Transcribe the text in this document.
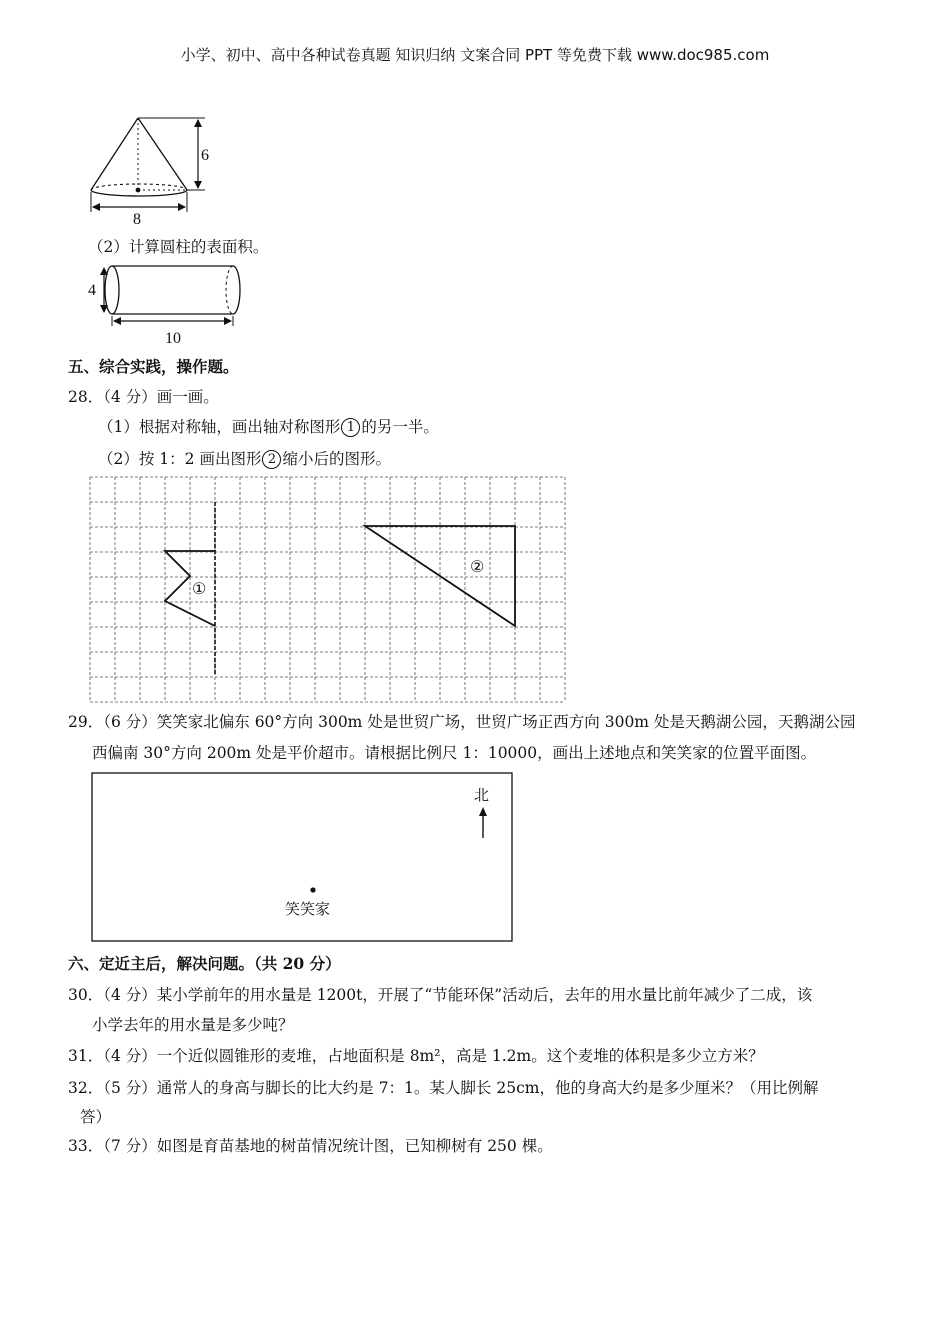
小学、初中、高中各种试卷真题 知识归纳 文案合同 PPT 等免费下载 www.doc985.com
6
8
（2）计算圆柱的表面积。
4
10
五、综合实践，操作题。
28．（4 分）画一画。
（1）根据对称轴，画出轴对称图形 1 的另一半。
（2）按 1：2 画出图形 2 缩小后的图形。
①
②
29．（6 分）笑笑家北偏东 60°方向 300m 处是世贸广场，世贸广场正西方向 300m 处是天鹅湖公园，天鹅湖公园
西偏南 30°方向 200m 处是平价超市。请根据比例尺 1：10000，画出上述地点和笑笑家的位置平面图。
北
笑笑家
六、定近主后，解决问题。（共 20 分）
30．（4 分）某小学前年的用水量是 1200t，开展了“节能环保”活动后，去年的用水量比前年减少了二成，该
小学去年的用水量是多少吨？
31．（4 分）一个近似圆锥形的麦堆，占地面积是 8m²，高是 1.2m。这个麦堆的体积是多少立方米？
32．（5 分）通常人的身高与脚长的比大约是 7：1。某人脚长 25cm，他的身高大约是多少厘米？（用比例解
答）
33．（7 分）如图是育苗基地的树苗情况统计图，已知柳树有 250 棵。
